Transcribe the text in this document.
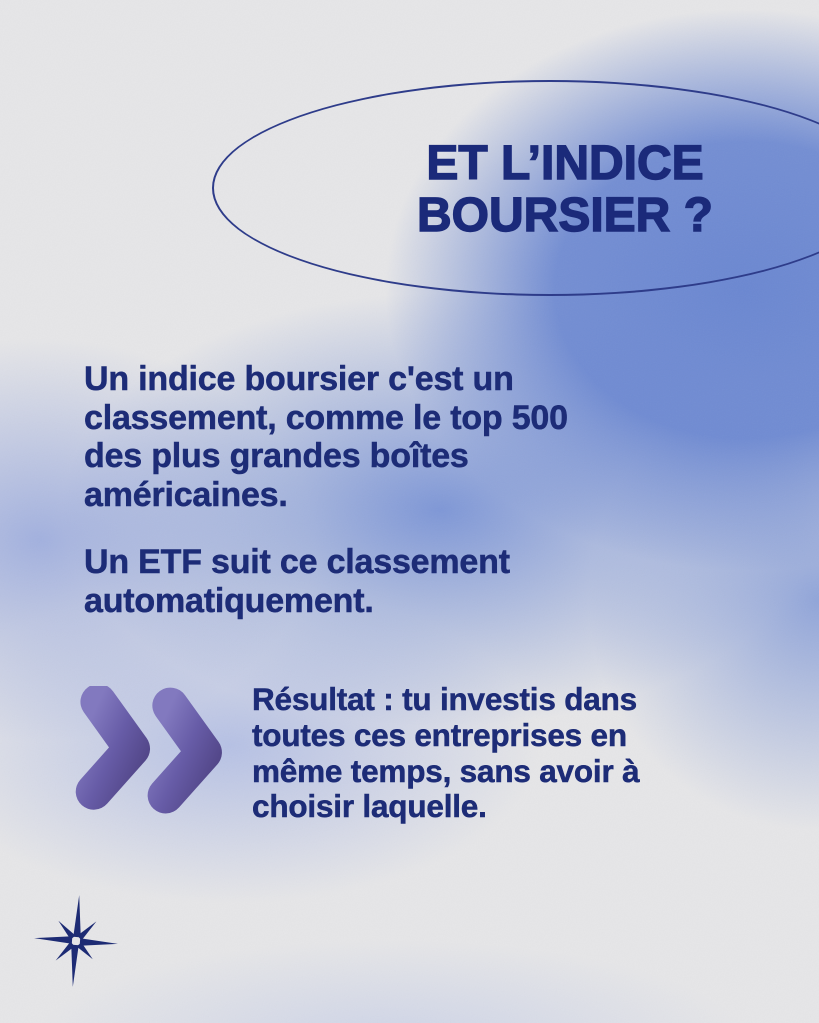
ET L’INDICE
BOURSIER ?

Un indice boursier c'est un
classement, comme le top 500
des plus grandes boîtes
américaines.

Un ETF suit ce classement
automatiquement.

Résultat : tu investis dans
toutes ces entreprises en
même temps, sans avoir à
choisir laquelle.
